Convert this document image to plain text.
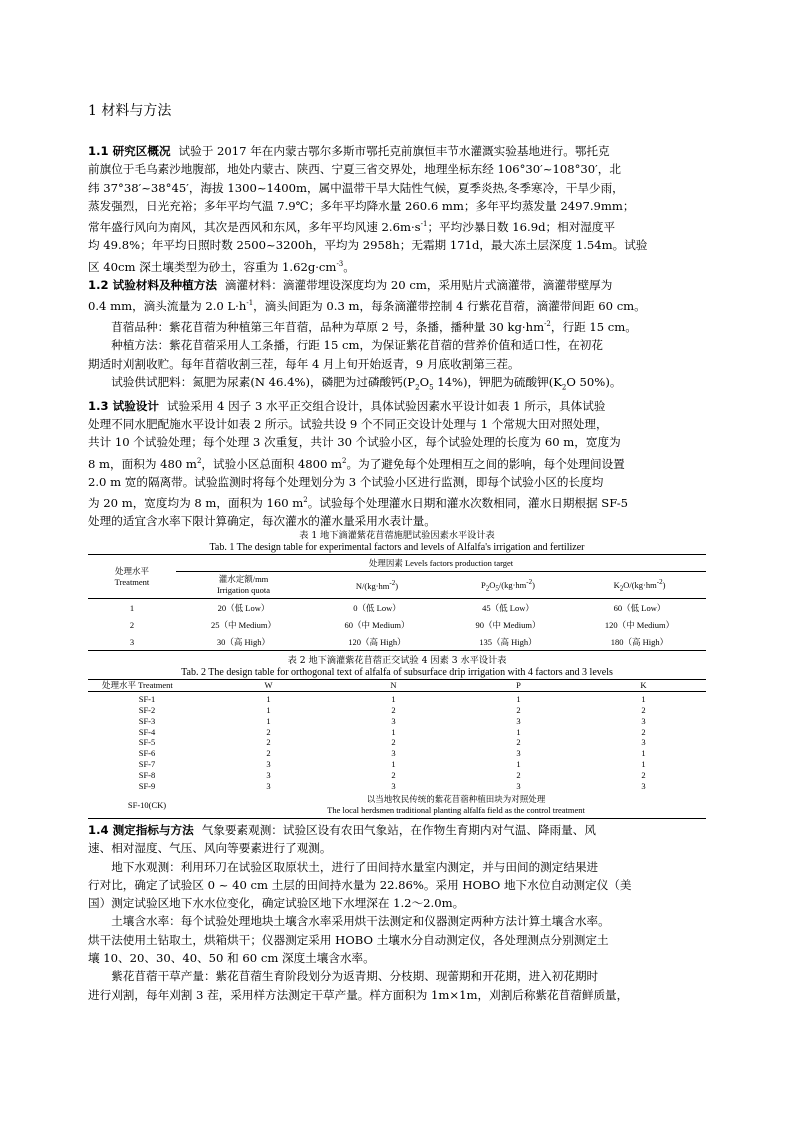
1 材料与方法

1.1 研究区概况 试验于 2017 年在内蒙古鄂尔多斯市鄂托克前旗恒丰节水灌溉实验基地进行。鄂托克
前旗位于毛乌素沙地腹部，地处内蒙古、陕西、宁夏三省交界处，地理坐标东经 106°30′~108°30′，北
纬 37°38′~38°45′，海拔 1300~1400m，属中温带干旱大陆性气候，夏季炎热,冬季寒冷，干旱少雨，
蒸发强烈，日光充裕；多年平均气温 7.9℃；多年平均降水量 260.6 mm；多年平均蒸发量 2497.9mm；
常年盛行风向为南风，其次是西风和东风，多年平均风速 $2.6m\cdot s^{-1}$；平均沙暴日数 16.9d；相对湿度平
均 49.8%；年平均日照时数 2500~3200h，平均为 2958h；无霜期 171d，最大冻土层深度 1.54m。试验
区 40cm 深土壤类型为砂土，容重为 $1.62g\cdot cm^{-3}$。

1.2 试验材料及种植方法 滴灌材料：滴灌带埋设深度均为 20 cm，采用贴片式滴灌带，滴灌带壁厚为
0.4 mm，滴头流量为 2.0 $L\cdot h^{-1}$，滴头间距为 0.3 m，每条滴灌带控制 4 行紫花苜蓿，滴灌带间距 60 cm。

苜蓿品种：紫花苜蓿为种植第三年苜蓿，品种为草原 2 号，条播，播种量 30 $kg\cdot hm^{-2}$，行距 15 cm。

种植方法：紫花苜蓿采用人工条播，行距 15 cm，为保证紫花苜蓿的营养价值和适口性，在初花
期适时刈割收贮。每年苜蓿收割三茬，每年 4 月上旬开始返青，9 月底收割第三茬。

试验供试肥料：氮肥为尿素(N 46.4%)，磷肥为过磷酸钙($P_2O_5$ 14%)，钾肥为硫酸钾($K_2O$ 50%)。

1.3 试验设计 试验采用 4 因子 3 水平正交组合设计，具体试验因素水平设计如表 1 所示，具体试验
处理不同水肥配施水平设计如表 2 所示。试验共设 9 个不同正交设计处理与 1 个常规大田对照处理，
共计 10 个试验处理；每个处理 3 次重复，共计 30 个试验小区，每个试验处理的长度为 60 m，宽度为
8 m，面积为 480 $m^2$，试验小区总面积 4800 $m^2$。为了避免每个处理相互之间的影响，每个处理间设置
2.0 m 宽的隔离带。试验监测时将每个处理划分为 3 个试验小区进行监测，即每个试验小区的长度均
为 20 m，宽度均为 8 m，面积为 160 $m^2$。试验每个处理灌水日期和灌水次数相同，灌水日期根据 SF-5
处理的适宜含水率下限计算确定，每次灌水的灌水量采用水表计量。

表 1 地下滴灌紫花苜蓿施肥试验因素水平设计表
Tab. 1 The design table for experimental factors and levels of Alfalfa's irrigation and fertilizer
处理水平
Treatment	处理因素 Levels factors production target			
	灌水定额/mm
Irrigation quota	$N/(kg\cdot hm^{-2})$	$P_2O_5/(kg\cdot hm^{-2})$	$K_2O/(kg\cdot hm^{-2})$
1	20（低 Low）	0（低 Low）	45（低 Low）	60（低 Low）
2	25（中 Medium）	60（中 Medium）	90（中 Medium）	120（中 Medium）
3	30（高 High）	120（高 High）	135（高 High）	180（高 High）
表 2 地下滴灌紫花苜蓿正交试验 4 因素 3 水平设计表
Tab. 2 The design table for orthogonal text of alfalfa of subsurface drip irrigation with 4 factors and 3 levels
处理水平 Treatment	W	N	P	K
SF-1	1	1	1	1
SF-2	1	2	2	2
SF-3	1	3	3	3
SF-4	2	1	1	2
SF-5	2	2	2	3
SF-6	2	3	3	1
SF-7	3	1	1	1
SF-8	3	2	2	2
SF-9	3	3	3	3
SF-10(CK)	以当地牧民传统的紫花苜蓿种植田块为对照处理
The local herdsmen traditional planting alfalfa field as the control treatment			

1.4 测定指标与方法 气象要素观测：试验区设有农田气象站，在作物生育期内对气温、降雨量、风
速、相对湿度、气压、风向等要素进行了观测。

地下水观测：利用环刀在试验区取原状土，进行了田间持水量室内测定，并与田间的测定结果进
行对比，确定了试验区 0 ~ 40 cm 土层的田间持水量为 22.86%。采用 HOBO 地下水位自动测定仪（美
国）测定试验区地下水水位变化，确定试验区地下水埋深在 1.2～2.0m。

土壤含水率：每个试验处理地块土壤含水率采用烘干法测定和仪器测定两种方法计算土壤含水率。
烘干法使用土钻取土，烘箱烘干；仪器测定采用 HOBO 土壤水分自动测定仪，各处理测点分别测定土
壤 10、20、30、40、50 和 60 cm 深度土壤含水率。

紫花苜蓿干草产量：紫花苜蓿生育阶段划分为返青期、分枝期、现蕾期和开花期，进入初花期时
进行刈割，每年刈割 3 茬，采用样方法测定干草产量。样方面积为 1m×1m，刈割后称紫花苜蓿鲜质量，
